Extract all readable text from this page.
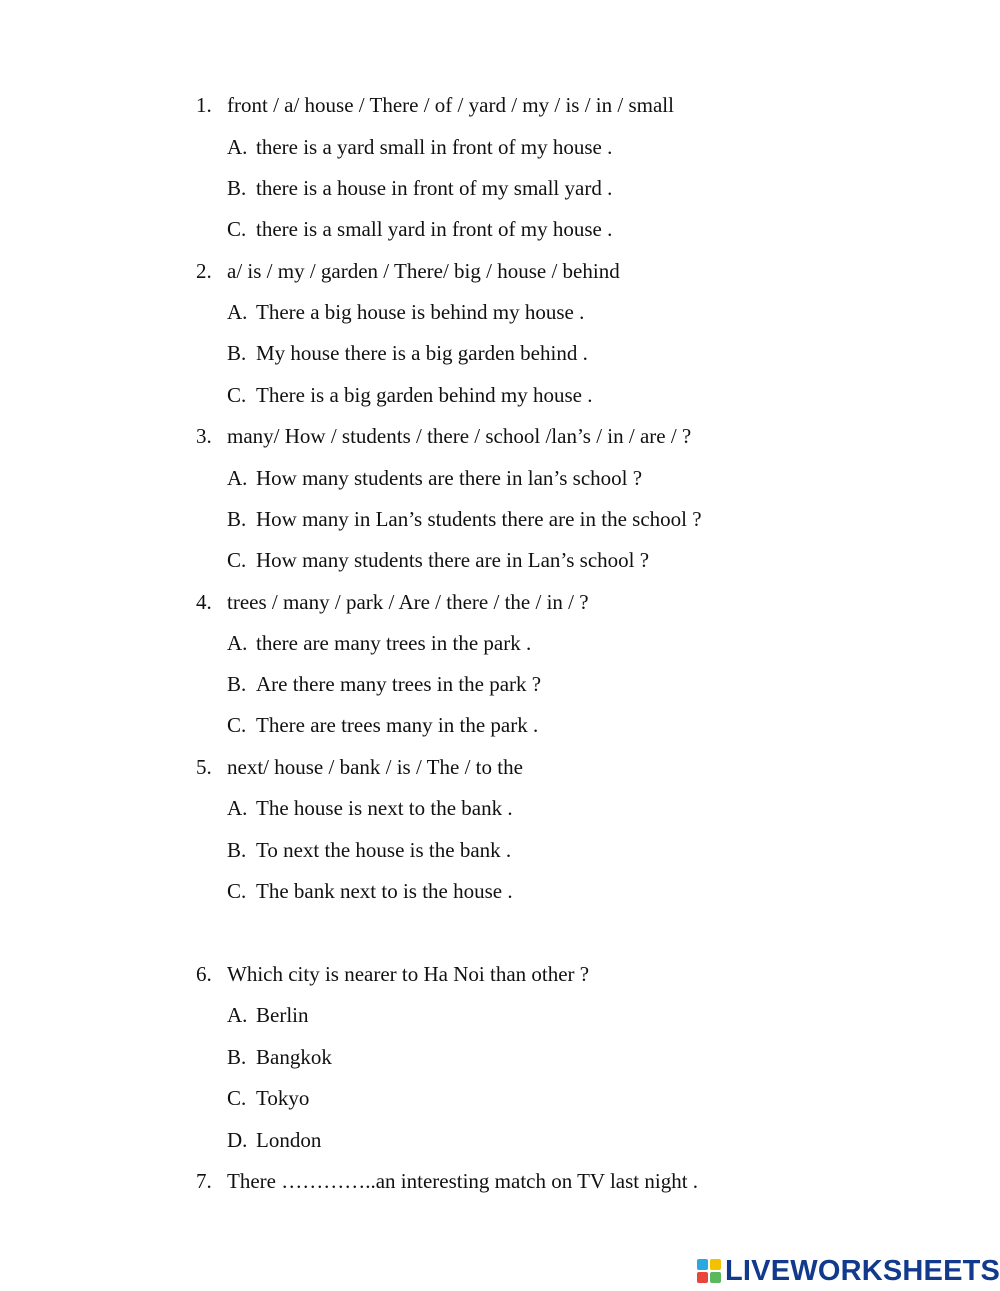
1. front / a/ house / There / of / yard / my / is / in / small
A. there is a yard small in front of my house .
B. there is a house in front of my small yard .
C. there is a small yard in front of my house .
2. a/ is / my / garden / There/ big / house / behind
A. There a big house is behind my house .
B. My house there is a big garden behind .
C. There is a big garden behind my house .
3. many/ How / students / there / school /lan’s / in / are / ?
A. How many students are there in lan’s school ?
B. How many in Lan’s students there are in the school ?
C. How many students there are in Lan’s school ?
4. trees / many / park / Are / there / the / in / ?
A. there are many trees in the park .
B. Are there many trees in the park ?
C. There are trees many in the park .
5. next/ house / bank / is / The / to the
A. The house is next to the bank .
B. To next the house is the bank .
C. The bank next to is the house .
6. Which city is nearer to Ha Noi than other ?
A. Berlin
B. Bangkok
C. Tokyo
D. London
7. There …………..an interesting match on TV last night .
LIVEWORKSHEETS
